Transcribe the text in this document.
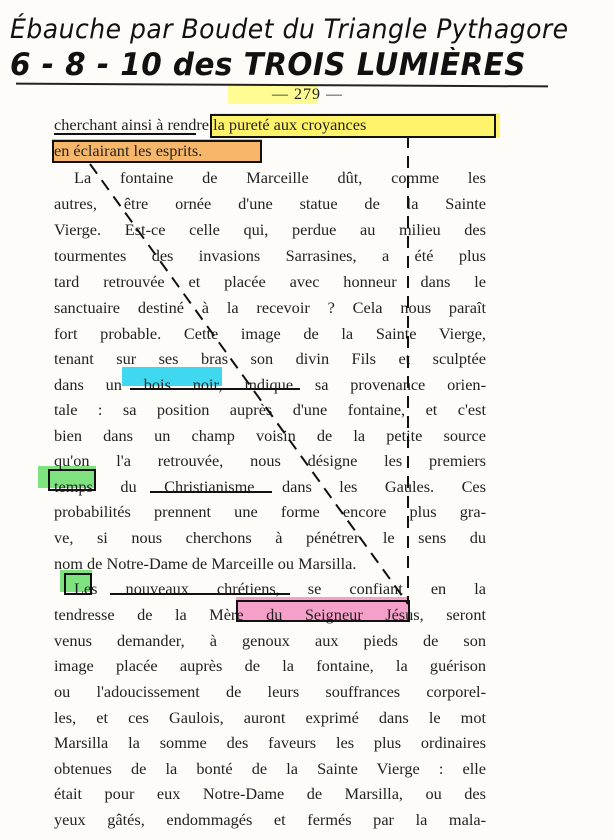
Ébauche par Boudet du Triangle Pythagore
6 - 8 - 10 des TROIS LUMIÈRES
— 279 —
cherchant ainsi à rendre la pureté aux croyances
en éclairant les esprits.
La fontaine de Marceille dût, comme les
autres, être ornée d'une statue de la Sainte
Vierge. Est-ce celle qui, perdue au milieu des
tourmentes des invasions Sarrasines, a été plus
tard retrouvée et placée avec honneur dans le
sanctuaire destiné à la recevoir ? Cela nous paraît
fort probable. Cette image de la Sainte Vierge,
tenant sur ses bras son divin Fils et sculptée
dans un bois noir, indique sa provenance orien-
tale : sa position auprès d'une fontaine, et c'est
bien dans un champ voisin de la petite source
qu'on l'a retrouvée, nous désigne les premiers
temps du Christianisme dans les Gaules. Ces
probabilités prennent une forme encore plus gra-
ve, si nous cherchons à pénétrer le sens du
nom de Notre-Dame de Marceille ou Marsilla.
Les nouveaux chrétiens, se confiant en la
tendresse de la Mère du Seigneur Jésus, seront
venus demander, à genoux aux pieds de son
image placée auprès de la fontaine, la guérison
ou l'adoucissement de leurs souffrances corporel-
les, et ces Gaulois, auront exprimé dans le mot
Marsilla la somme des faveurs les plus ordinaires
obtenues de la bonté de la Sainte Vierge : elle
était pour eux Notre-Dame de Marsilla, ou des
yeux gâtés, endommagés et fermés par la mala-
